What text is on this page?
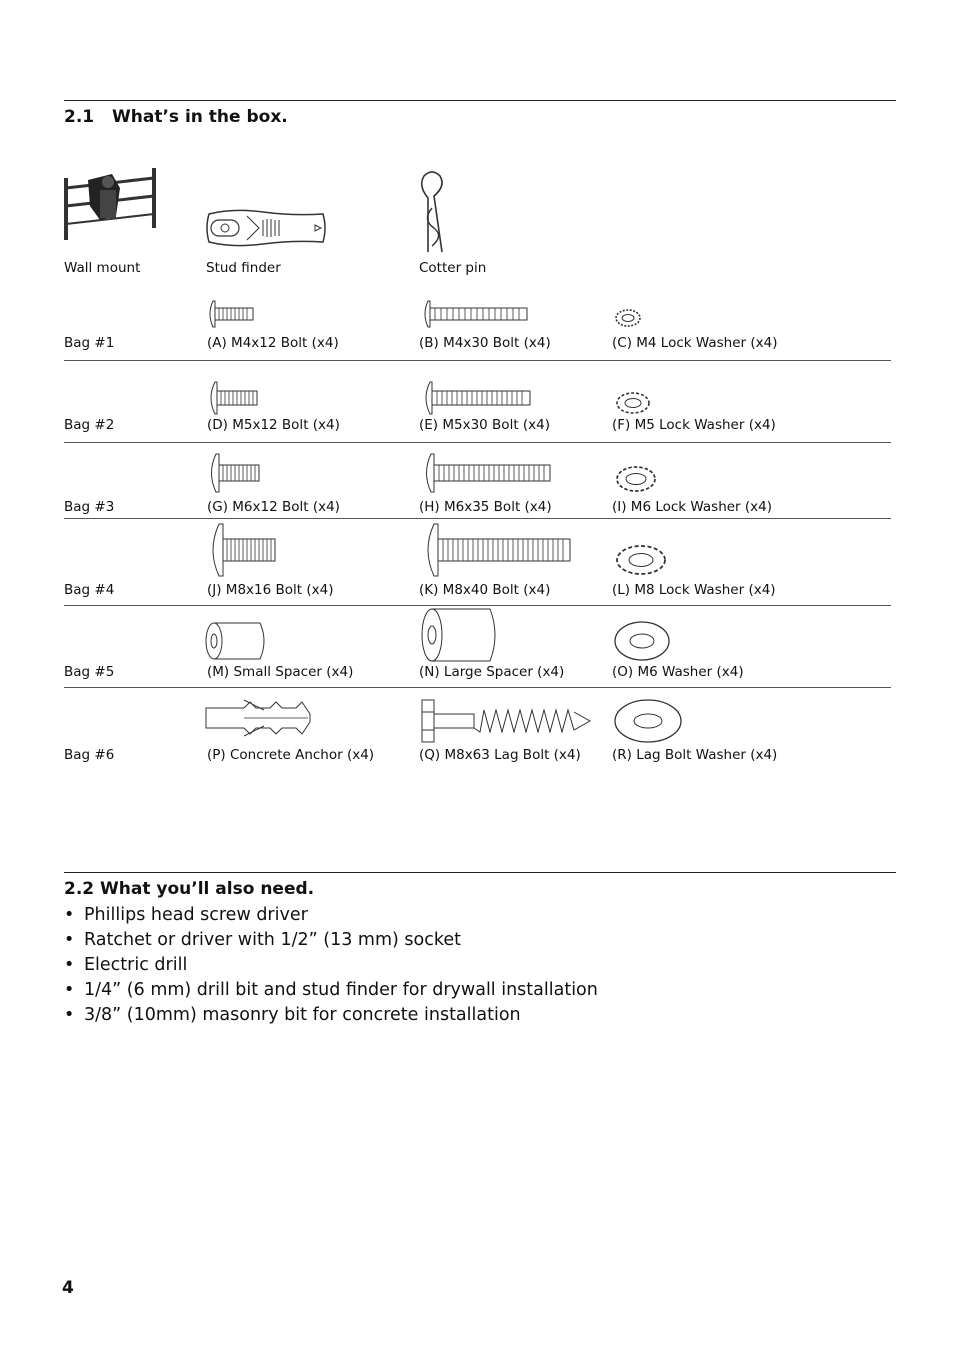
2.1 What’s in the box.
Wall mount	Stud finder	Cotter pin
Bag #1	(A) M4x12 Bolt (x4)	(B) M4x30 Bolt (x4)	(C) M4 Lock Washer (x4)
Bag #2	(D) M5x12 Bolt (x4)	(E) M5x30 Bolt (x4)	(F) M5 Lock Washer (x4)
Bag #3	(G) M6x12 Bolt (x4)	(H) M6x35 Bolt (x4)	(I) M6 Lock Washer (x4)
Bag #4	(J) M8x16 Bolt (x4)	(K) M8x40 Bolt (x4)	(L) M8 Lock Washer (x4)
Bag #5	(M) Small Spacer (x4)	(N) Large Spacer (x4)	(O) M6 Washer (x4)
Bag #6	(P) Concrete Anchor (x4)	(Q) M8x63 Lag Bolt (x4) (R) Lag Bolt Washer (x4)
2.2 What you’ll also need.
• Phillips head screw driver
• Ratchet or driver with 1/2” (13 mm) socket
• Electric drill
• 1/4” (6 mm) drill bit and stud finder for drywall installation
• 3/8” (10mm) masonry bit for concrete installation
4
